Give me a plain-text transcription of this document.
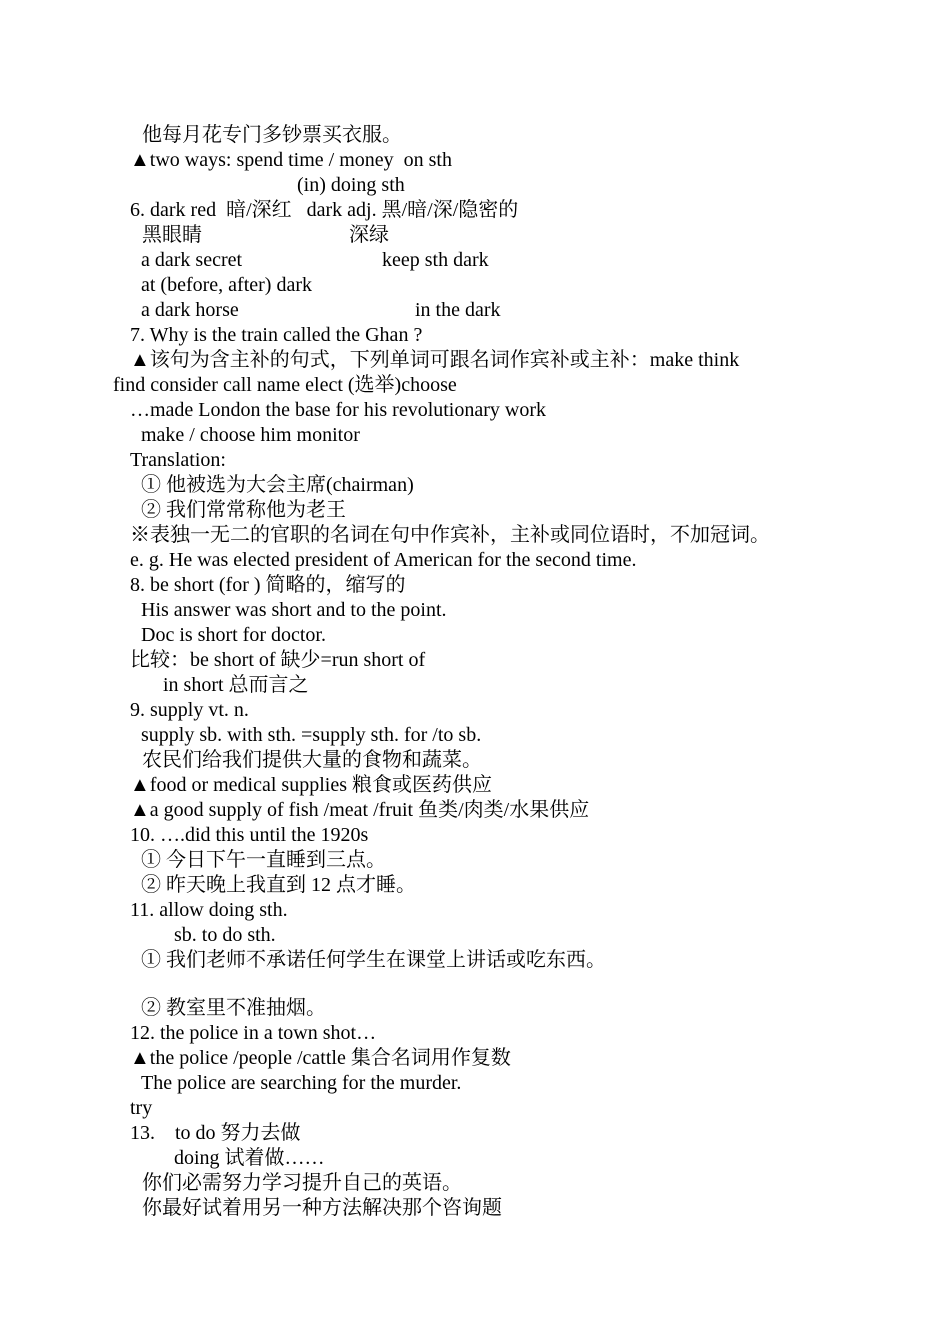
他每月花专门多钞票买衣服。
▲two ways: spend time / money  on sth
(in) doing sth
6. dark red  暗/深红   dark adj. 黑/暗/深/隐密的
黑眼睛	深绿
a dark secret	keep sth dark
at (before, after) dark
a dark horse	in the dark
7. Why is the train called the Ghan ?
▲该句为含主补的句式，下列单词可跟名词作宾补或主补：make think
find consider call name elect (选举)choose
…made London the base for his revolutionary work
make / choose him monitor
Translation:
① 他被选为大会主席(chairman)
② 我们常常称他为老王
※表独一无二的官职的名词在句中作宾补，主补或同位语时，不加冠词。
e. g. He was elected president of American for the second time.
8. be short (for ) 简略的，缩写的
His answer was short and to the point.
Doc is short for doctor.
比较：be short of 缺少=run short of
in short 总而言之
9. supply vt. n.
supply sb. with sth. =supply sth. for /to sb.
农民们给我们提供大量的食物和蔬菜。
▲food or medical supplies 粮食或医药供应
▲a good supply of fish /meat /fruit 鱼类/肉类/水果供应
10. ….did this until the 1920s
① 今日下午一直睡到三点。
② 昨天晚上我直到 12 点才睡。
11. allow doing sth.
sb. to do sth.
① 我们老师不承诺任何学生在课堂上讲话或吃东西。
② 教室里不准抽烟。
12. the police in a town shot…
▲the police /people /cattle 集合名词用作复数
The police are searching for the murder.
try
13.    to do 努力去做
doing 试着做……
你们必需努力学习提升自己的英语。
你最好试着用另一种方法解决那个咨询题
